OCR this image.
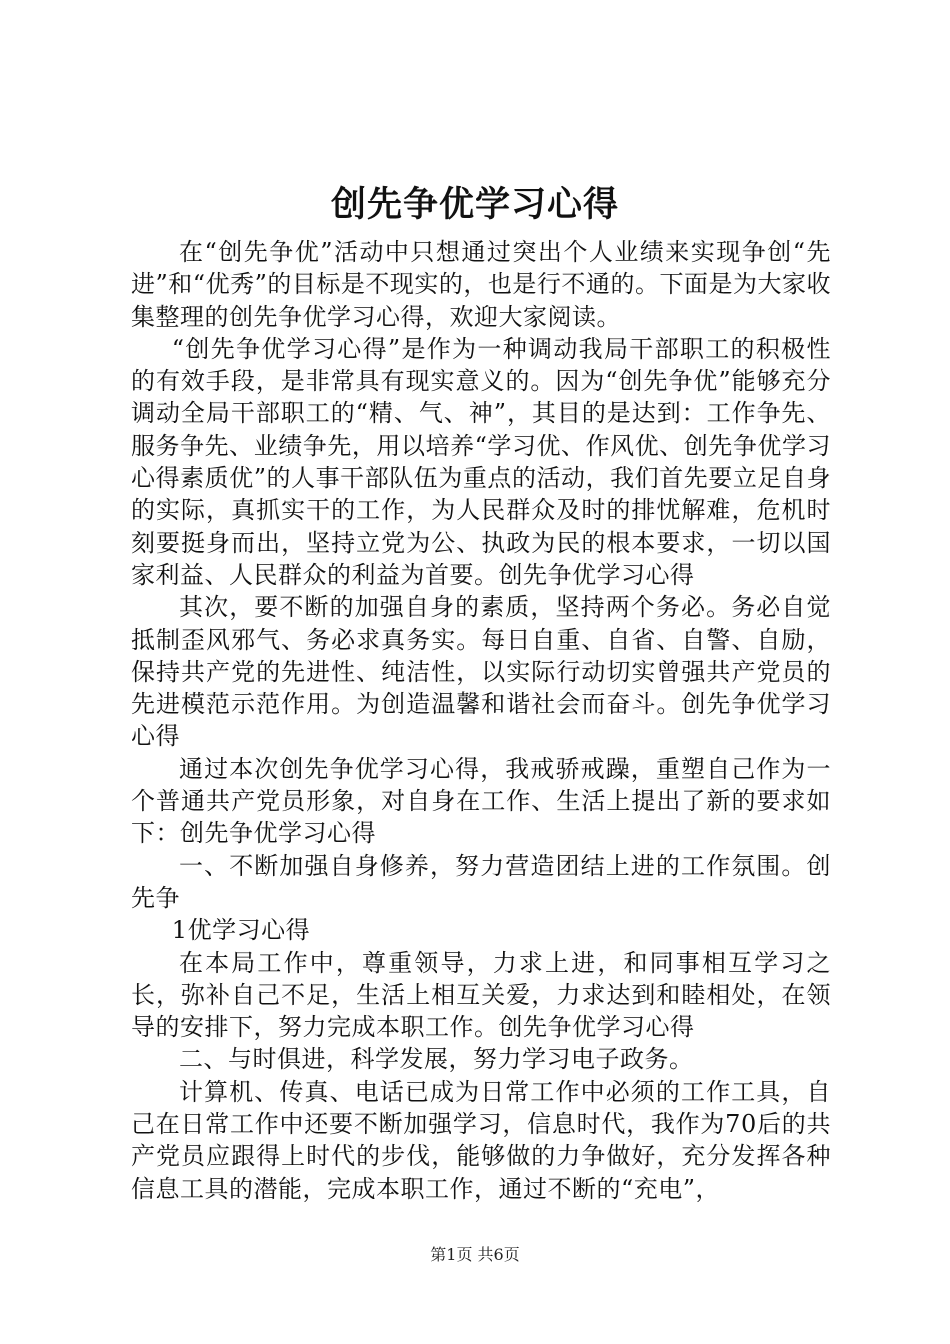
创先争优学习心得

在“创先争优”活动中只想通过突出个人业绩来实现争创“先进”和“优秀”的目标是不现实的，也是行不通的。下面是为大家收集整理的创先争优学习心得，欢迎大家阅读。

“创先争优学习心得”是作为一种调动我局干部职工的积极性的有效手段，是非常具有现实意义的。因为“创先争优”能够充分调动全局干部职工的“精、气、神”，其目的是达到：工作争先、服务争先、业绩争先，用以培养“学习优、作风优、创先争优学习心得素质优”的人事干部队伍为重点的活动，我们首先要立足自身的实际，真抓实干的工作，为人民群众及时的排忧解难，危机时刻要挺身而出，坚持立党为公、执政为民的根本要求，一切以国家利益、人民群众的利益为首要。创先争优学习心得

其次，要不断的加强自身的素质，坚持两个务必。务必自觉抵制歪风邪气、务必求真务实。每日自重、自省、自警、自励，保持共产党的先进性、纯洁性，以实际行动切实曾强共产党员的先进模范示范作用。为创造温馨和谐社会而奋斗。创先争优学习心得

通过本次创先争优学习心得，我戒骄戒躁，重塑自己作为一个普通共产党员形象，对自身在工作、生活上提出了新的要求如下：创先争优学习心得

一、不断加强自身修养，努力营造团结上进的工作氛围。创先争

1优学习心得

在本局工作中，尊重领导，力求上进，和同事相互学习之长，弥补自己不足，生活上相互关爱，力求达到和睦相处，在领导的安排下，努力完成本职工作。创先争优学习心得

二、与时俱进，科学发展，努力学习电子政务。

计算机、传真、电话已成为日常工作中必须的工作工具，自己在日常工作中还要不断加强学习，信息时代，我作为70后的共产党员应跟得上时代的步伐，能够做的力争做好，充分发挥各种信息工具的潜能，完成本职工作，通过不断的“充电”，

第1页 共6页
